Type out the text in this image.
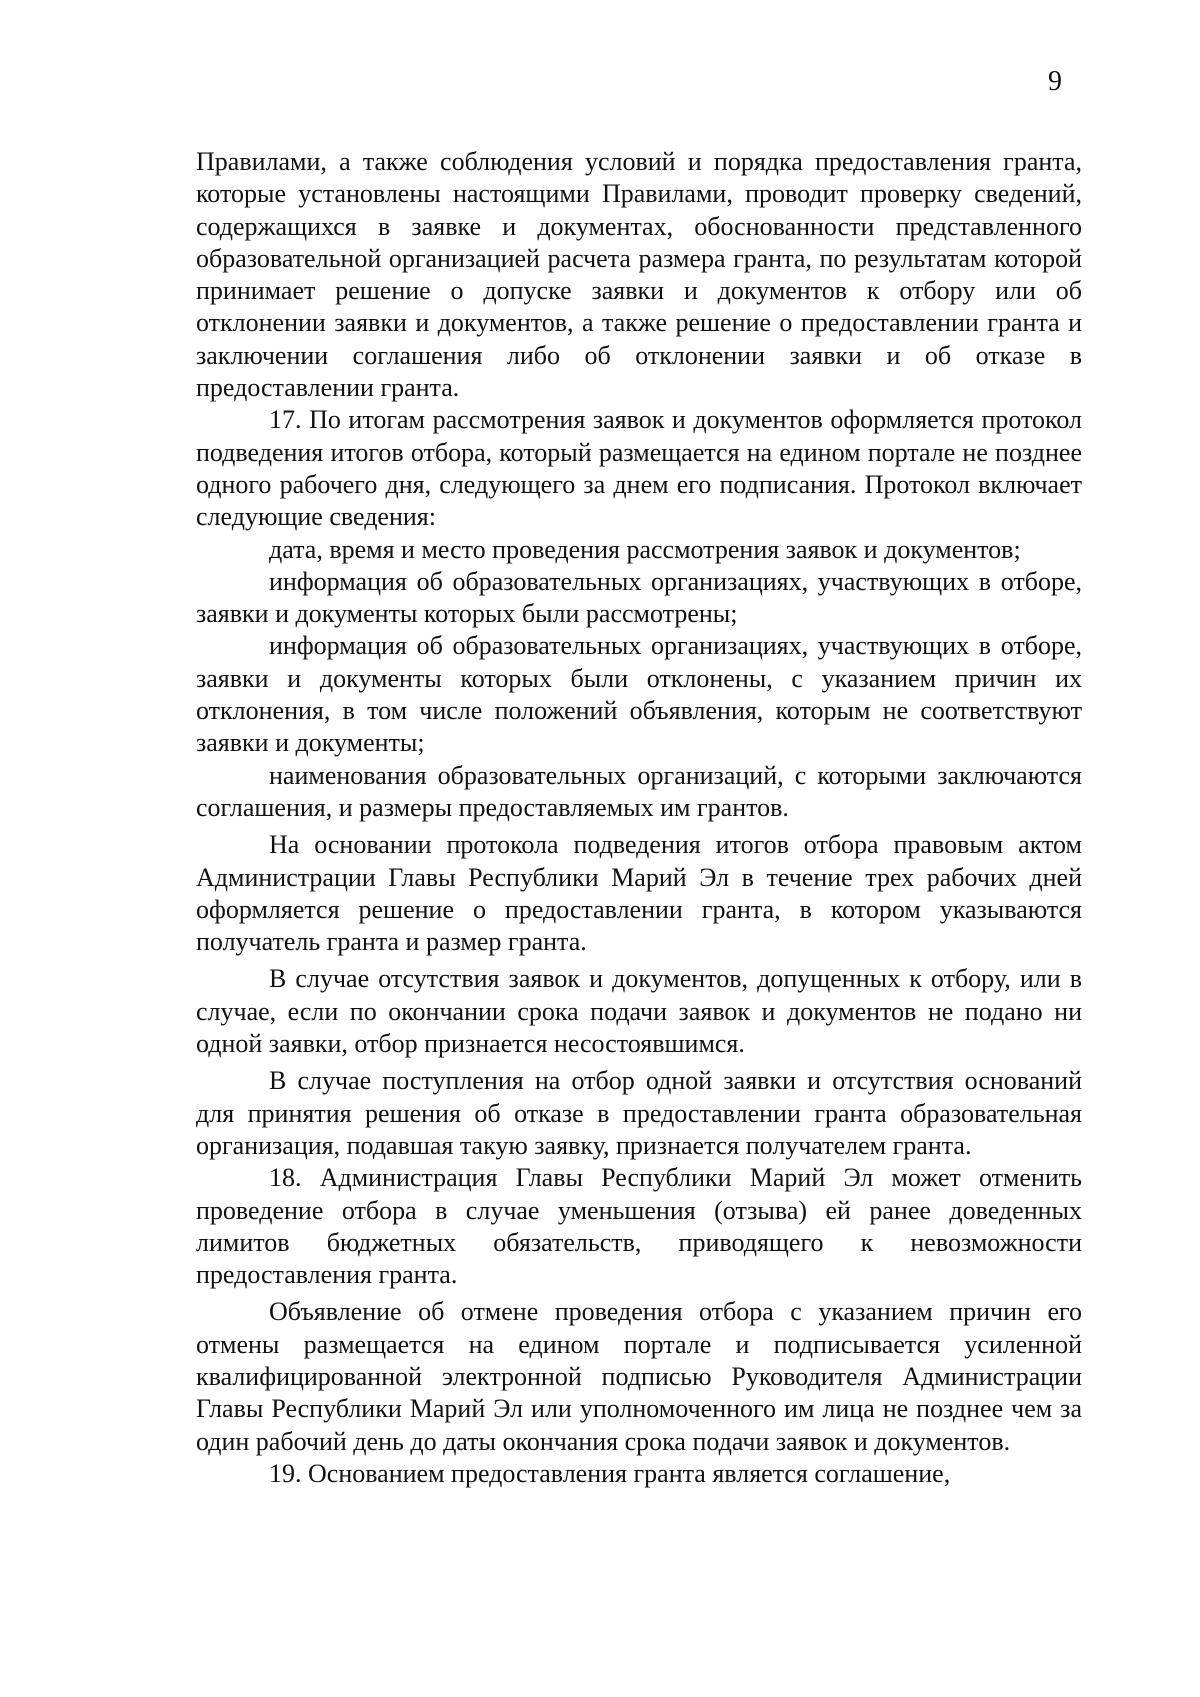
9

Правилами, а также соблюдения условий и порядка предоставления гранта, которые установлены настоящими Правилами, проводит проверку сведений, содержащихся в заявке и документах, обоснованности представленного образовательной организацией расчета размера гранта, по результатам которой принимает решение о допуске заявки и документов к отбору или об отклонении заявки и документов, а также решение о предоставлении гранта и заключении соглашения либо об отклонении заявки и об отказе в предоставлении гранта.

17. По итогам рассмотрения заявок и документов оформляется протокол подведения итогов отбора, который размещается на едином портале не позднее одного рабочего дня, следующего за днем его подписания. Протокол включает следующие сведения:

дата, время и место проведения рассмотрения заявок и документов;

информация об образовательных организациях, участвующих в отборе, заявки и документы которых были рассмотрены;

информация об образовательных организациях, участвующих в отборе, заявки и документы которых были отклонены, с указанием причин их отклонения, в том числе положений объявления, которым не соответствуют заявки и документы;

наименования образовательных организаций, с которыми заключаются соглашения, и размеры предоставляемых им грантов.

На основании протокола подведения итогов отбора правовым актом Администрации Главы Республики Марий Эл в течение трех рабочих дней оформляется решение о предоставлении гранта, в котором указываются получатель гранта и размер гранта.

В случае отсутствия заявок и документов, допущенных к отбору, или в случае, если по окончании срока подачи заявок и документов не подано ни одной заявки, отбор признается несостоявшимся.

В случае поступления на отбор одной заявки и отсутствия оснований для принятия решения об отказе в предоставлении гранта образовательная организация, подавшая такую заявку, признается получателем гранта.

18. Администрация Главы Республики Марий Эл может отменить проведение отбора в случае уменьшения (отзыва) ей ранее доведенных лимитов бюджетных обязательств, приводящего к невозможности предоставления гранта.

Объявление об отмене проведения отбора с указанием причин его отмены размещается на едином портале и подписывается усиленной квалифицированной электронной подписью Руководителя Администрации Главы Республики Марий Эл или уполномоченного им лица не позднее чем за один рабочий день до даты окончания срока подачи заявок и документов.

19. Основанием предоставления гранта является соглашение,
